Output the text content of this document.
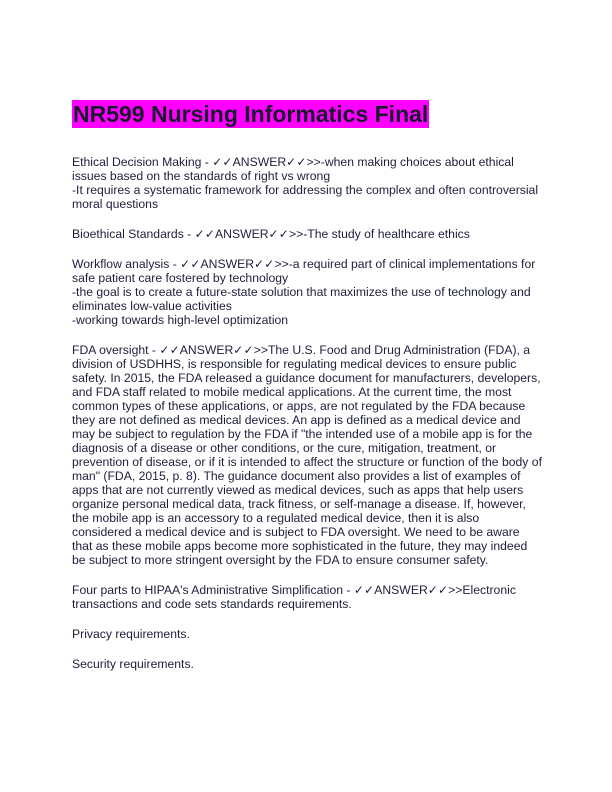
NR599 Nursing Informatics Final

Ethical Decision Making - ✓✓ANSWER✓✓>>-when making choices about ethical issues based on the standards of right vs wrong

-It requires a systematic framework for addressing the complex and often controversial moral questions

Bioethical Standards - ✓✓ANSWER✓✓>>-The study of healthcare ethics

Workflow analysis - ✓✓ANSWER✓✓>>-a required part of clinical implementations for safe patient care fostered by technology

-the goal is to create a future-state solution that maximizes the use of technology and eliminates low-value activities

-working towards high-level optimization

FDA oversight - ✓✓ANSWER✓✓>>The U.S. Food and Drug Administration (FDA), a division of USDHHS, is responsible for regulating medical devices to ensure public safety. In 2015, the FDA released a guidance document for manufacturers, developers, and FDA staff related to mobile medical applications. At the current time, the most common types of these applications, or apps, are not regulated by the FDA because they are not defined as medical devices. An app is defined as a medical device and may be subject to regulation by the FDA if "the intended use of a mobile app is for the diagnosis of a disease or other conditions, or the cure, mitigation, treatment, or prevention of disease, or if it is intended to affect the structure or function of the body of man" (FDA, 2015, p. 8). The guidance document also provides a list of examples of apps that are not currently viewed as medical devices, such as apps that help users organize personal medical data, track fitness, or self-manage a disease. If, however, the mobile app is an accessory to a regulated medical device, then it is also considered a medical device and is subject to FDA oversight. We need to be aware that as these mobile apps become more sophisticated in the future, they may indeed be subject to more stringent oversight by the FDA to ensure consumer safety.

Four parts to HIPAA's Administrative Simplification - ✓✓ANSWER✓✓>>Electronic transactions and code sets standards requirements.

Privacy requirements.

Security requirements.
